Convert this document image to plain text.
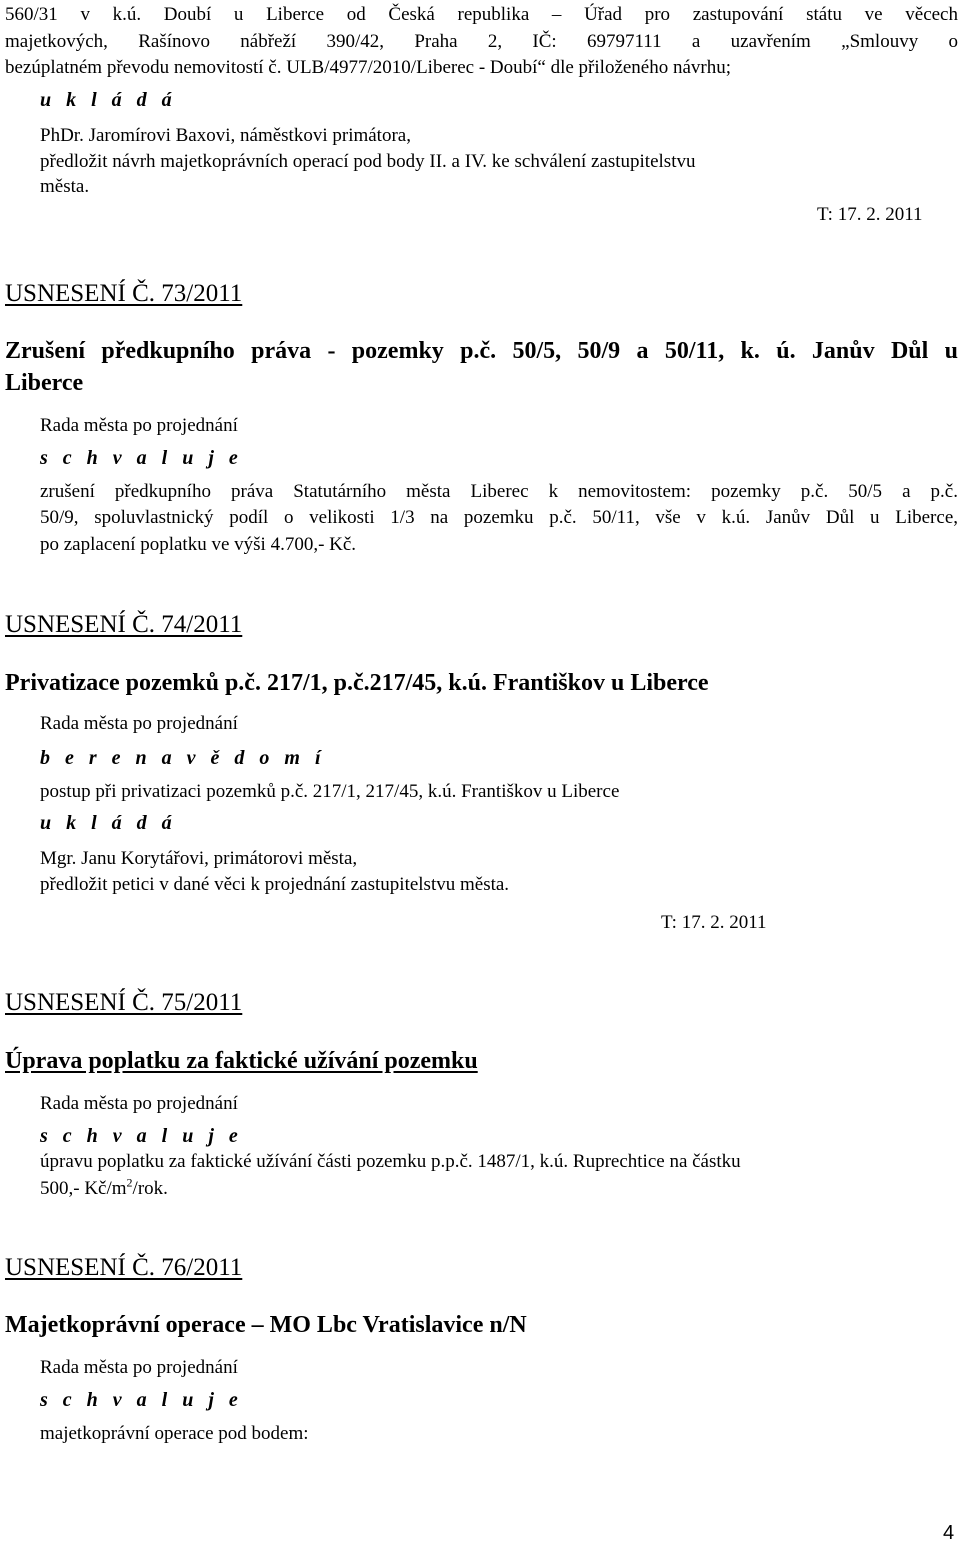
560/31 v k.ú. Doubí u Liberce od Česká republika – Úřad pro zastupování státu ve věcech
majetkových, Rašínovo nábřeží 390/42, Praha 2, IČ: 69797111 a uzavřením „Smlouvy o
bezúplatném převodu nemovitostí č. ULB/4977/2010/Liberec - Doubí“ dle přiloženého návrhu;
u k l á d á
PhDr. Jaromírovi Baxovi, náměstkovi primátora,
předložit návrh majetkoprávních operací pod body II. a IV. ke schválení zastupitelstvu
města.
T: 17. 2. 2011
USNESENÍ Č. 73/2011
Zrušení předkupního práva - pozemky p.č. 50/5, 50/9 a 50/11, k. ú. Janův Důl u
Liberce
Rada města po projednání
s c h v a l u j e
zrušení předkupního práva Statutárního města Liberec k nemovitostem: pozemky p.č. 50/5 a p.č.
50/9, spoluvlastnický podíl o velikosti 1/3 na pozemku p.č. 50/11, vše v k.ú. Janův Důl u Liberce,
po zaplacení poplatku ve výši 4.700,- Kč.
USNESENÍ Č. 74/2011
Privatizace pozemků p.č. 217/1, p.č.217/45, k.ú. Františkov u Liberce
Rada města po projednání
b e r e n a v ě d o m í
postup při privatizaci pozemků p.č. 217/1, 217/45, k.ú. Františkov u Liberce
u k l á d á
Mgr. Janu Korytářovi, primátorovi města,
předložit petici v dané věci k projednání zastupitelstvu města.
T: 17. 2. 2011
USNESENÍ Č. 75/2011
Úprava poplatku za faktické užívání pozemku
Rada města po projednání
s c h v a l u j e
úpravu poplatku za faktické užívání části pozemku p.p.č. 1487/1, k.ú. Ruprechtice na částku
500,- $Kč/m^2$/rok.
USNESENÍ Č. 76/2011
Majetkoprávní operace – MO Lbc Vratislavice n/N
Rada města po projednání
s c h v a l u j e
majetkoprávní operace pod bodem:
4
